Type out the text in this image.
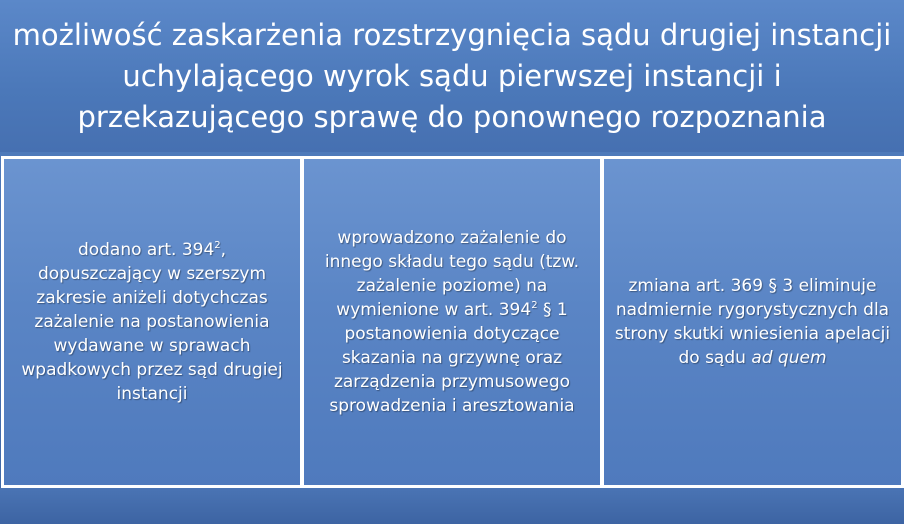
możliwość zaskarżenia rozstrzygnięcia sądu drugiej instancji uchylającego wyrok sądu pierwszej instancji i przekazującego sprawę do ponownego rozpoznania
dodano art. $394^2$, dopuszczający w szerszym zakresie aniżeli dotychczas zażalenie na postanowienia wydawane w sprawach wpadkowych przez sąd drugiej instancji
wprowadzono zażalenie do innego składu tego sądu (tzw. zażalenie poziome) na wymienione w art. $394^2$ § 1 postanowienia dotyczące skazania na grzywnę oraz zarządzenia przymusowego sprowadzenia i aresztowania
zmiana art. 369 § 3 eliminuje nadmiernie rygorystycznych dla strony skutki wniesienia apelacji do sądu ad quem
